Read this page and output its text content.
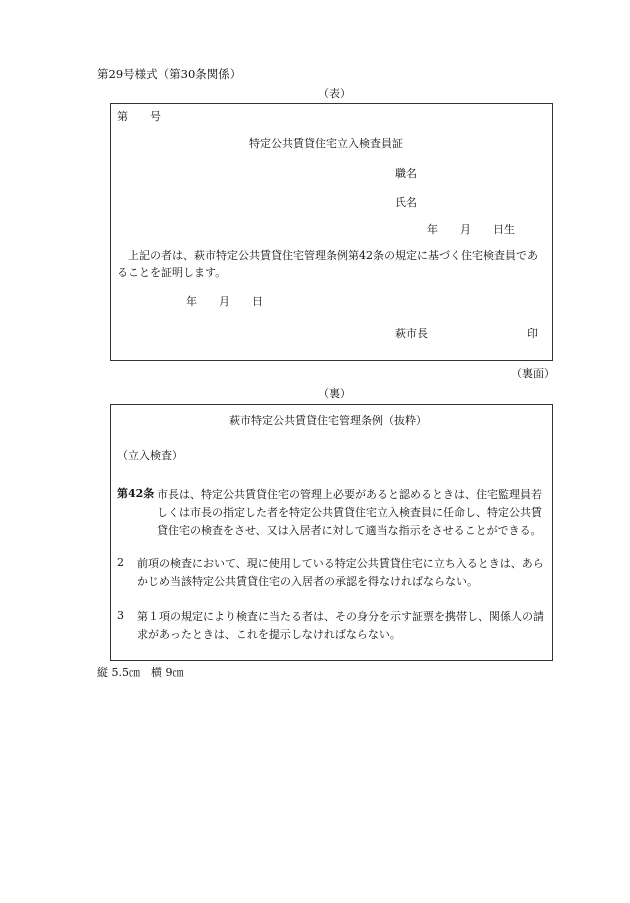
第29号様式（第30条関係）
（表）
第　　号
特定公共賃貸住宅立入検査員証
職名
氏名
年　　月　　日生
上記の者は、萩市特定公共賃貸住宅管理条例第42条の規定に基づく住宅検査員であることを証明します。
年　　月　　日
萩市長	印
（裏面）
（裏）
萩市特定公共賃貸住宅管理条例（抜粋）
（立入検査）
第42条 市長は、特定公共賃貸住宅の管理上必要があると認めるときは、住宅監理員若しくは市長の指定した者を特定公共賃貸住宅立入検査員に任命し、特定公共賃貸住宅の検査をさせ、又は入居者に対して適当な指示をさせることができる。
2 前項の検査において、現に使用している特定公共賃貸住宅に立ち入るときは、あらかじめ当該特定公共賃貸住宅の入居者の承認を得なければならない。
3 第１項の規定により検査に当たる者は、その身分を示す証票を携帯し、関係人の請求があったときは、これを提示しなければならない。
縦 5.5㎝　横 9㎝
